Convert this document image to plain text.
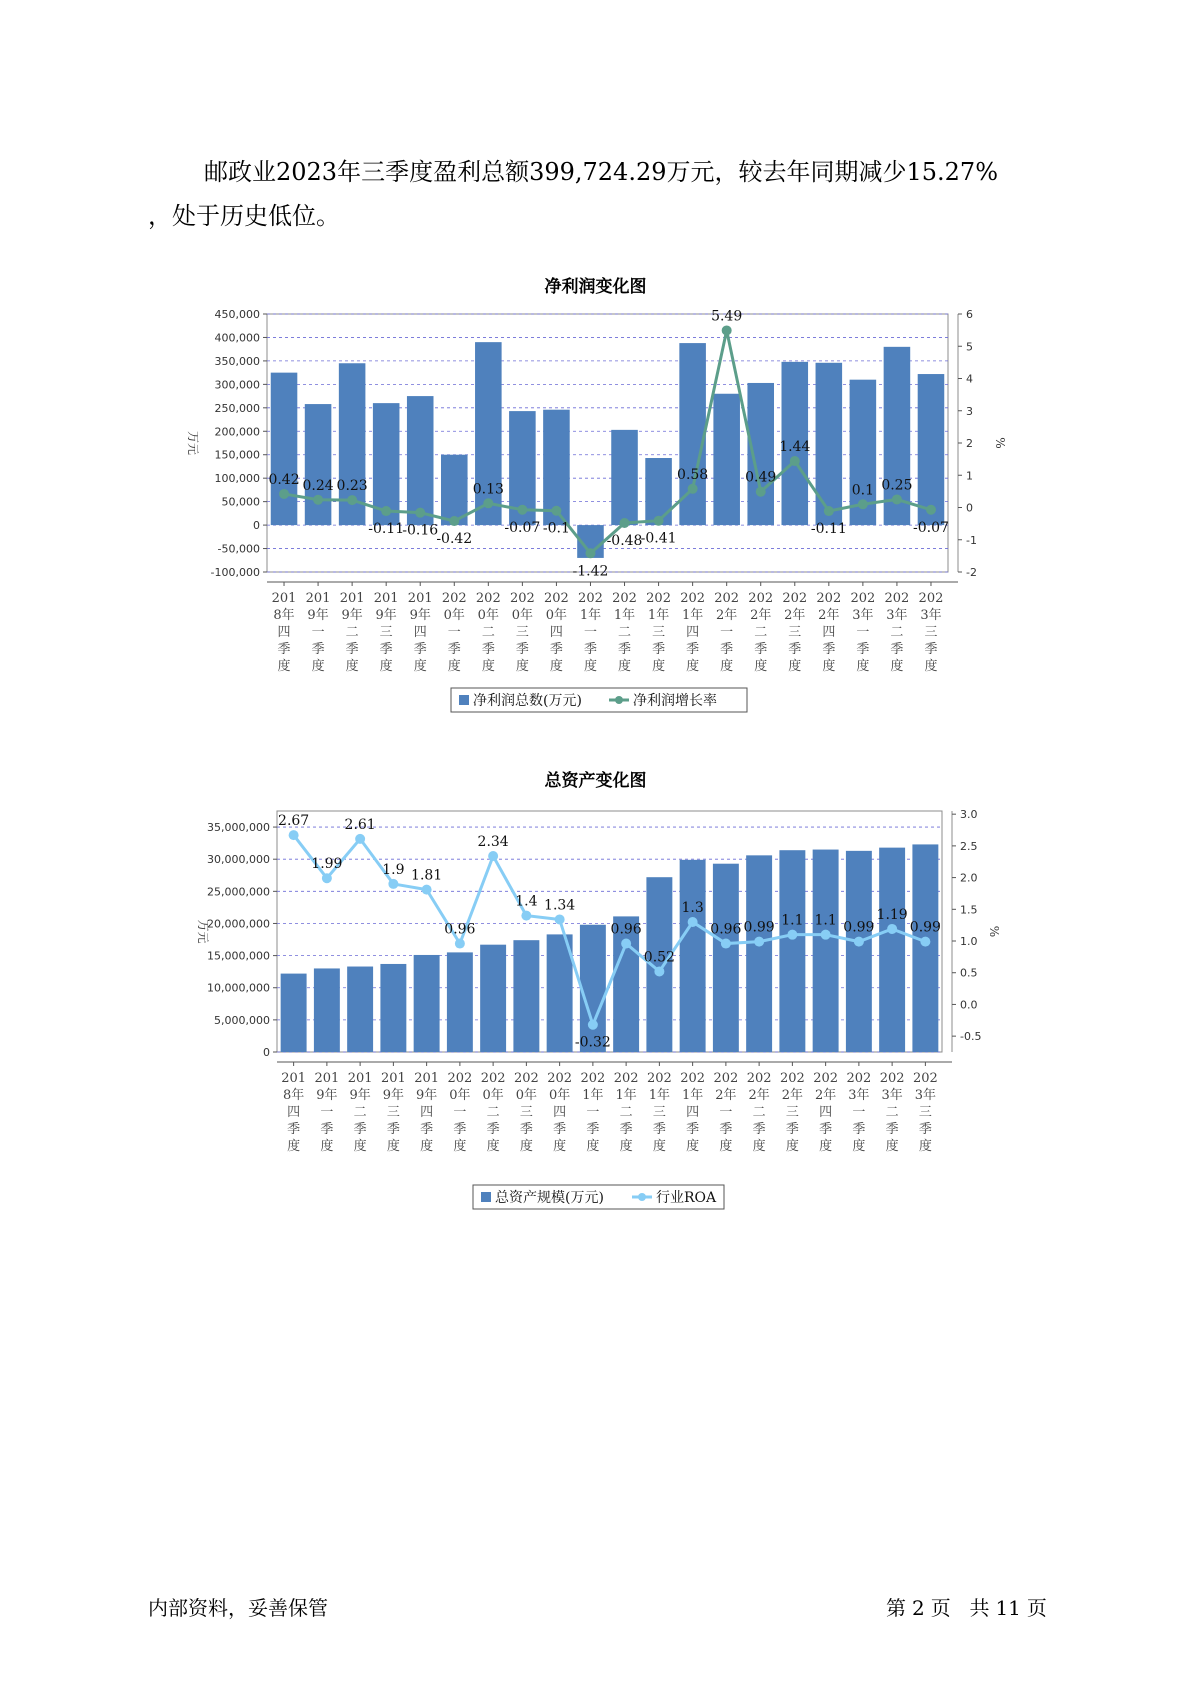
邮政业2023年三季度盈利总额399,724.29万元，较去年同期减少15.27%
，处于历史低位。

净利润变化图
450,000
400,000
350,000
300,000
250,000
200,000
150,000
100,000
50,000
0
-50,000
-100,000
6
5
4
3
2
1
0
-1
-2
万元	%
0.42 0.24 0.23
-0.11
-0.16
-0.42
0.13
-0.07 -0.1
-1.42
-0.48
-0.41
0.58
5.49
0.49
1.44
-0.11
0.1 0.25
-0.07
201
8年
四
季
度
201
9年
一
季
度
201
9年
二
季
度
201
9年
三
季
度
201
9年
四
季
度
202
0年
一
季
度
202
0年
二
季
度
202
0年
三
季
度
202
0年
四
季
度
202
1年
一
季
度
202
1年
二
季
度
202
1年
三
季
度
202
1年
四
季
度
202
2年
一
季
度
202
2年
二
季
度
202
2年
三
季
度
202
2年
四
季
度
202
3年
一
季
度
202
3年
二
季
度
202
3年
三
季
度
净利润总数(万元)	净利润增长率
总资产变化图
35,000,000
30,000,000
25,000,000
20,000,000
15,000,000
10,000,000
5,000,000
0
3.0
2.5
2.0
1.5
1.0
0.5
0.0
-0.5
万元	%
2.67
1.99
2.61
1.9 1.81
0.96
2.34
1.4 1.34
-0.32
0.96
0.52
1.3
0.96 0.99 1.1 1.1 0.99
1.19
0.99
201
8年
四
季
度
201
9年
一
季
度
201
9年
二
季
度
201
9年
三
季
度
201
9年
四
季
度
202
0年
一
季
度
202
0年
二
季
度
202
0年
三
季
度
202
0年
四
季
度
202
1年
一
季
度
202
1年
二
季
度
202
1年
三
季
度
202
1年
四
季
度
202
2年
一
季
度
202
2年
二
季
度
202
2年
三
季
度
202
2年
四
季
度
202
3年
一
季
度
202
3年
二
季
度
202
3年
三
季
度
总资产规模(万元)	行业ROA
内部资料，妥善保管	第 2 页 共 11 页
